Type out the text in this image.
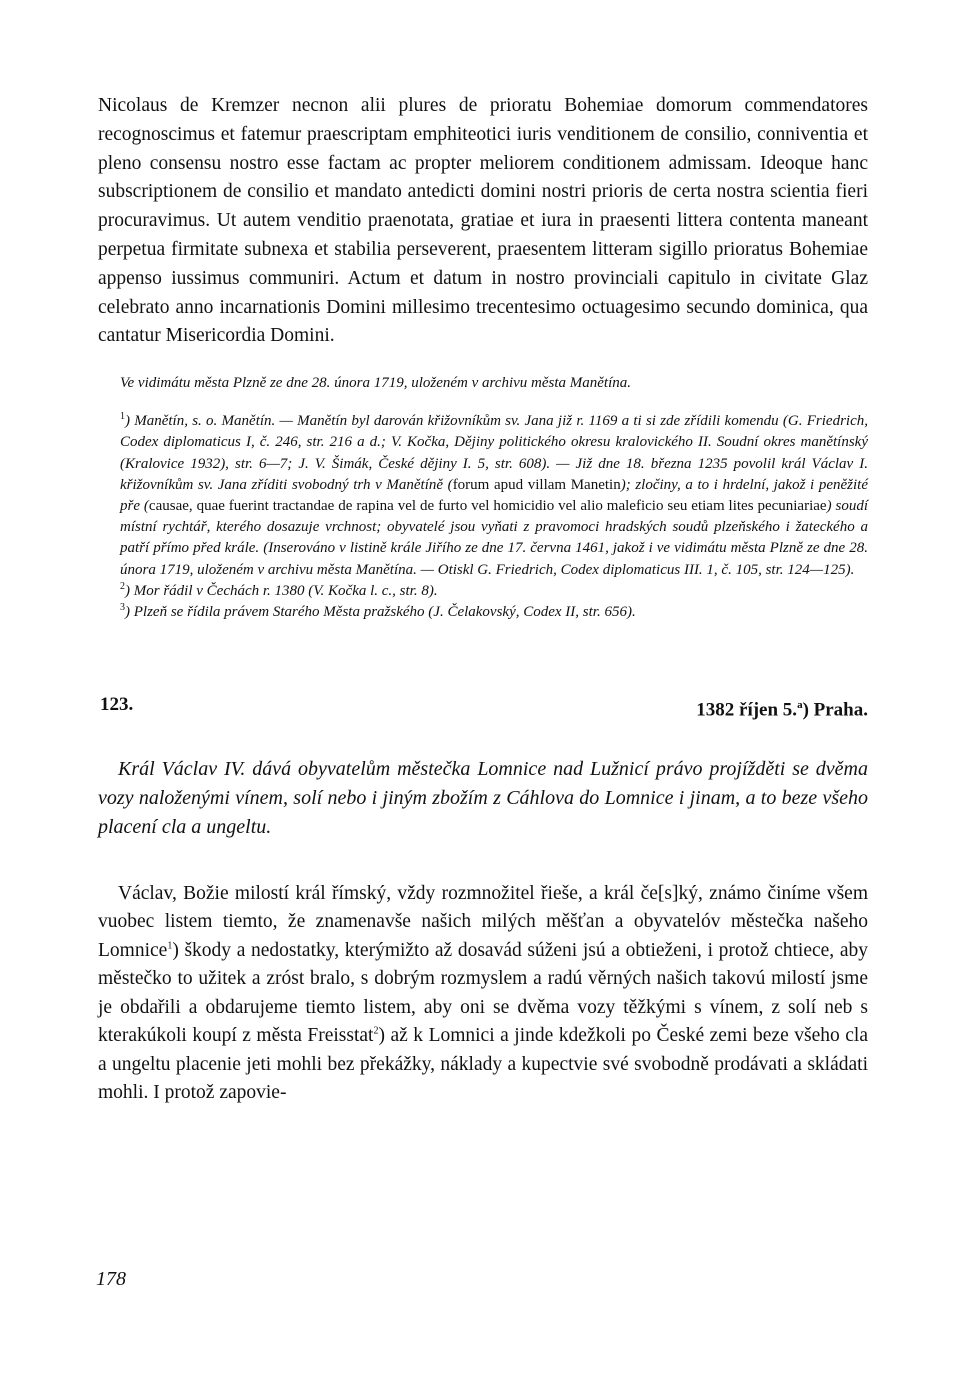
Nicolaus de Kremzer necnon alii plures de prioratu Bohemiae domorum commendatores recognoscimus et fatemur praescriptam emphiteotici iuris venditionem de consilio, conniventia et pleno consensu nostro esse factam ac propter meliorem conditionem admissam. Ideoque hanc subscriptionem de consilio et mandato antedicti domini nostri prioris de certa nostra scientia fieri procuravimus. Ut autem venditio praenotata, gratiae et iura in praesenti littera contenta maneant perpetua firmitate subnexa et stabilia perseverent, praesentem litteram sigillo prioratus Bohemiae appenso iussimus communiri. Actum et datum in nostro provinciali capitulo in civitate Glaz celebrato anno incarnationis Domini millesimo trecentesimo octuagesimo secundo dominica, qua cantatur Misericordia Domini.

Ve vidimátu města Plzně ze dne 28. února 1719, uloženém v archivu města Manětína.

$^1$) Manětín, s. o. Manětín. — Manětín byl darován křižovníkům sv. Jana již r. 1169 a ti si zde zřídili komendu (G. Friedrich, Codex diplomaticus I, č. 246, str. 216 a d.; V. Kočka, Dějiny politického okresu kralovického II. Soudní okres manětínský (Kralovice 1932), str. 6—7; J. V. Šimák, České dějiny I. 5, str. 608). — Již dne 18. března 1235 povolil král Václav I. křižovníkům sv. Jana zříditi svobodný trh v Manětíně (forum apud villam Manetin); zločiny, a to i hrdelní, jakož i peněžité pře (causae, quae fuerint tractandae de rapina vel de furto vel homicidio vel alio maleficio seu etiam lites pecuniariae) soudí místní rychtář, kterého dosazuje vrchnost; obyvatelé jsou vyňati z pravomoci hradských soudů plzeňského i žateckého a patří přímo před krále. (Inserováno v listině krále Jiřího ze dne 17. června 1461, jakož i ve vidimátu města Plzně ze dne 28. února 1719, uloženém v archivu města Manětína. — Otiskl G. Friedrich, Codex diplomaticus III. 1, č. 105, str. 124—125).

$^2$) Mor řádil v Čechách r. 1380 (V. Kočka l. c., str. 8).

$^3$) Plzeň se řídila právem Starého Města pražského (J. Čelakovský, Codex II, str. 656).

123.	1382 říjen 5.$^a$) Praha.

Král Václav IV. dává obyvatelům městečka Lomnice nad Lužnicí právo projížděti se dvěma vozy naloženými vínem, solí nebo i jiným zbožím z Cáhlova do Lomnice i jinam, a to beze všeho placení cla a ungeltu.

Václav, Božie milostí král římský, vždy rozmnožitel řieše, a král če[s]ký, známo činíme všem vuobec listem tiemto, že znamenavše našich milých měšťan a obyvatelóv městečka našeho Lomnice$^1$) škody a nedostatky, kterýmižto až dosavád súženi jsú a obtieženi, i protož chtiece, aby městečko to užitek a zróst bralo, s dobrým rozmyslem a radú věrných našich takovú milostí jsme je obdařili a obdarujeme tiemto listem, aby oni se dvěma vozy těžkými s vínem, z solí neb s kterakúkoli koupí z města Freisstat$^2$) až k Lomnici a jinde kdežkoli po České zemi beze všeho cla a ungeltu placenie jeti mohli bez překážky, náklady a kupectvie své svobodně prodávati a skládati mohli. I protož zapovie-

178
